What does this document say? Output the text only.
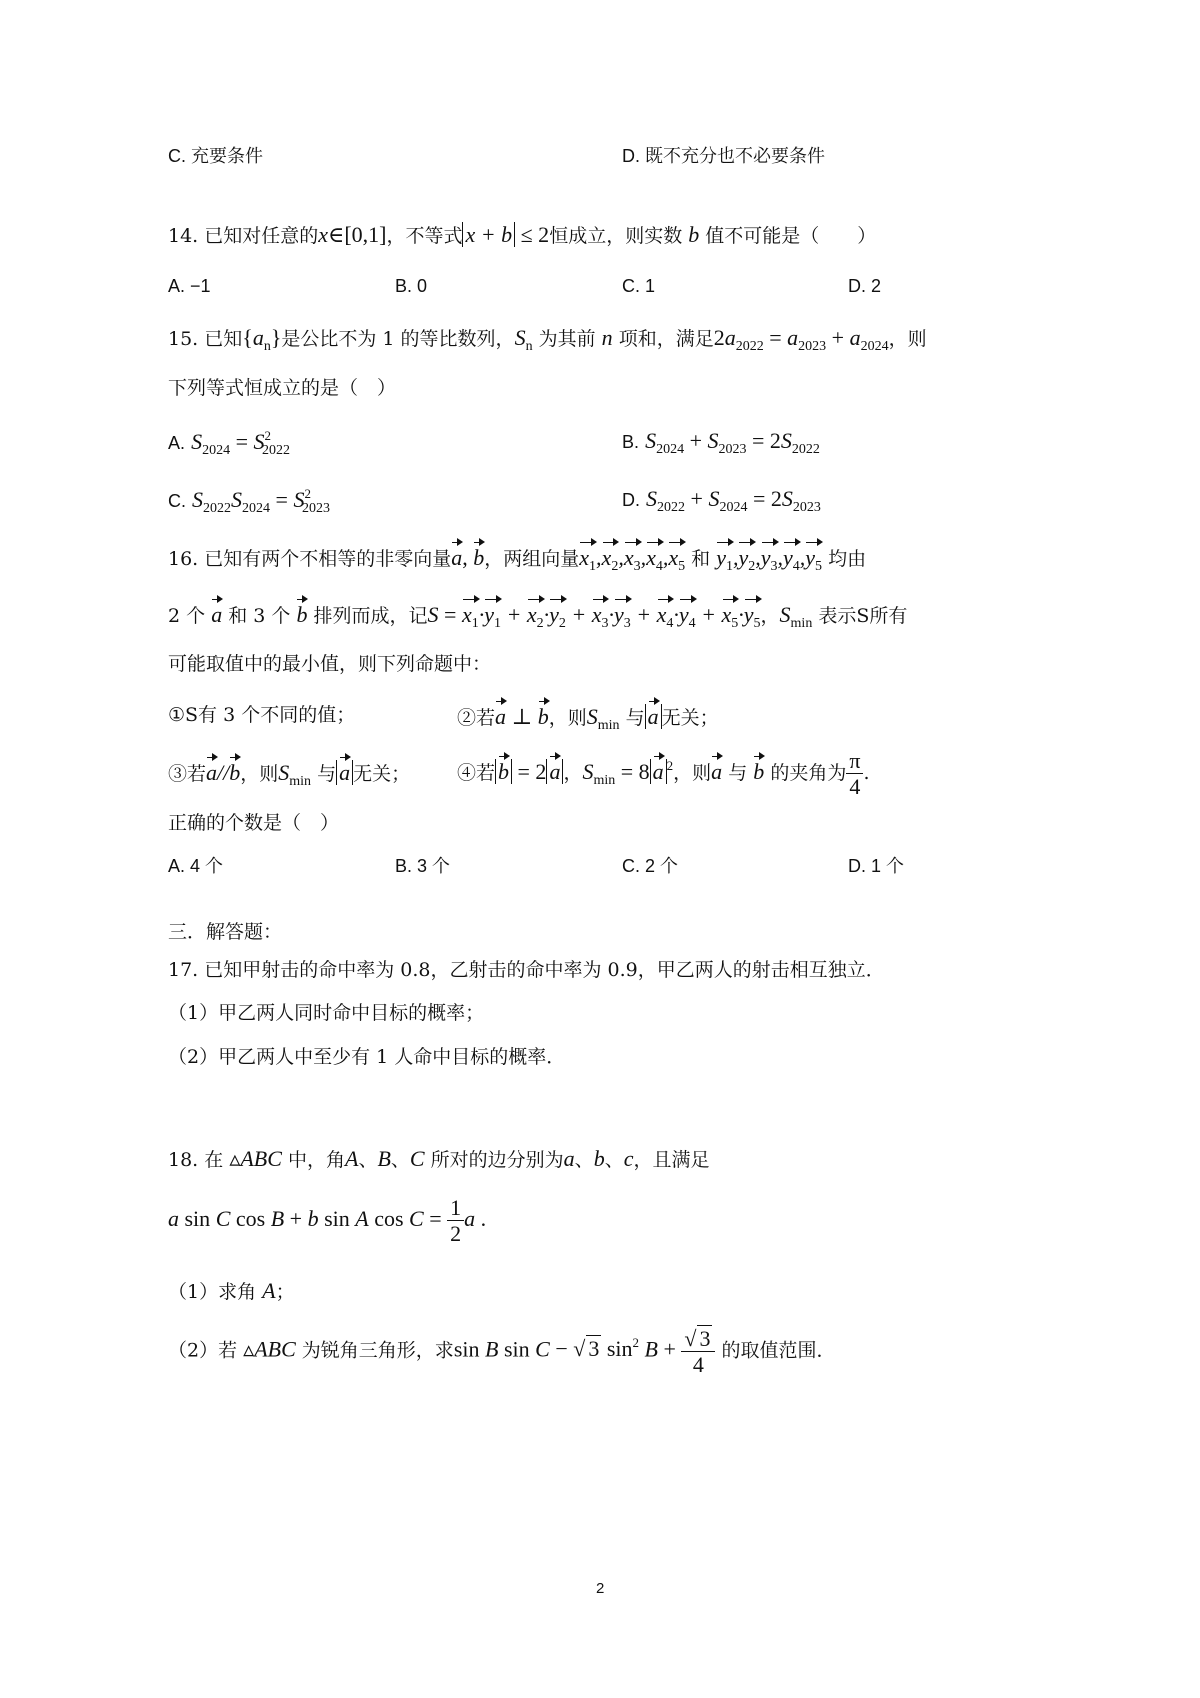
C. 充要条件	D. 既不充分也不必要条件
14. 已知对任意的x∈[0,1]，不等式 x + b ≤ 2恒成立，则实数 b 值不可能是（　　）
A. −1	B. 0	C. 1	D. 2
15. 已知$\{a_n\}$是公比不为 1 的等比数列，$S_n$ 为其前 n 项和，满足$2a_{2022} = a_{2023} + a_{2024}$，则
下列等式恒成立的是（　）
A. $S_{2024} = S^2_{2022}$	B. $S_{2024} + S_{2023} = 2S_{2022}$
C. $S_{2022}S_{2024} = S^2_{2023}$	D. $S_{2022} + S_{2024} = 2S_{2023}$
16. 已知有两个不相等的非零向量a, b，两组向量$x_1,x_2,x_3,x_4,x_5$ 和 $y_1,y_2,y_3,y_4,y_5$ 均由
2 个 a 和 3 个 b 排列而成，记$S = x_1\cdot y_1 + x_2\cdot y_2 + x_3\cdot y_3 + x_4\cdot y_4 + x_5\cdot y_5$，$S_{min}$ 表示S所有
可能取值中的最小值，则下列命题中：
①S有 3 个不同的值；	②若a ⊥ b，则$S_{min}$ 与 a 无关；
③若a//b，则$S_{min}$ 与 a 无关； ④若 b = 2 a ，$S_{min} = 8$ a $^2$，则a 与 b 的夹角为 $\frac{\pi}{4}$ .
正确的个数是（　）
A. 4 个	B. 3 个	C. 2 个	D. 1 个
三．解答题：
17. 已知甲射击的命中率为 0.8，乙射击的命中率为 0.9，甲乙两人的射击相互独立．
（1）甲乙两人同时命中目标的概率；
（2）甲乙两人中至少有 1 人命中目标的概率．
18. 在 ▵ABC 中，角A、B、C 所对的边分别为a、b、c，且满足
a sin C cos B + b sin A $\cos C = \frac{1}{2}$ a .
（1）求角 A；
（2）若 ▵ABC 为锐角三角形，求sin B sin C − √ 3 $\sin^2 B + \frac{√ 3}{4}$ 的取值范围．
2
